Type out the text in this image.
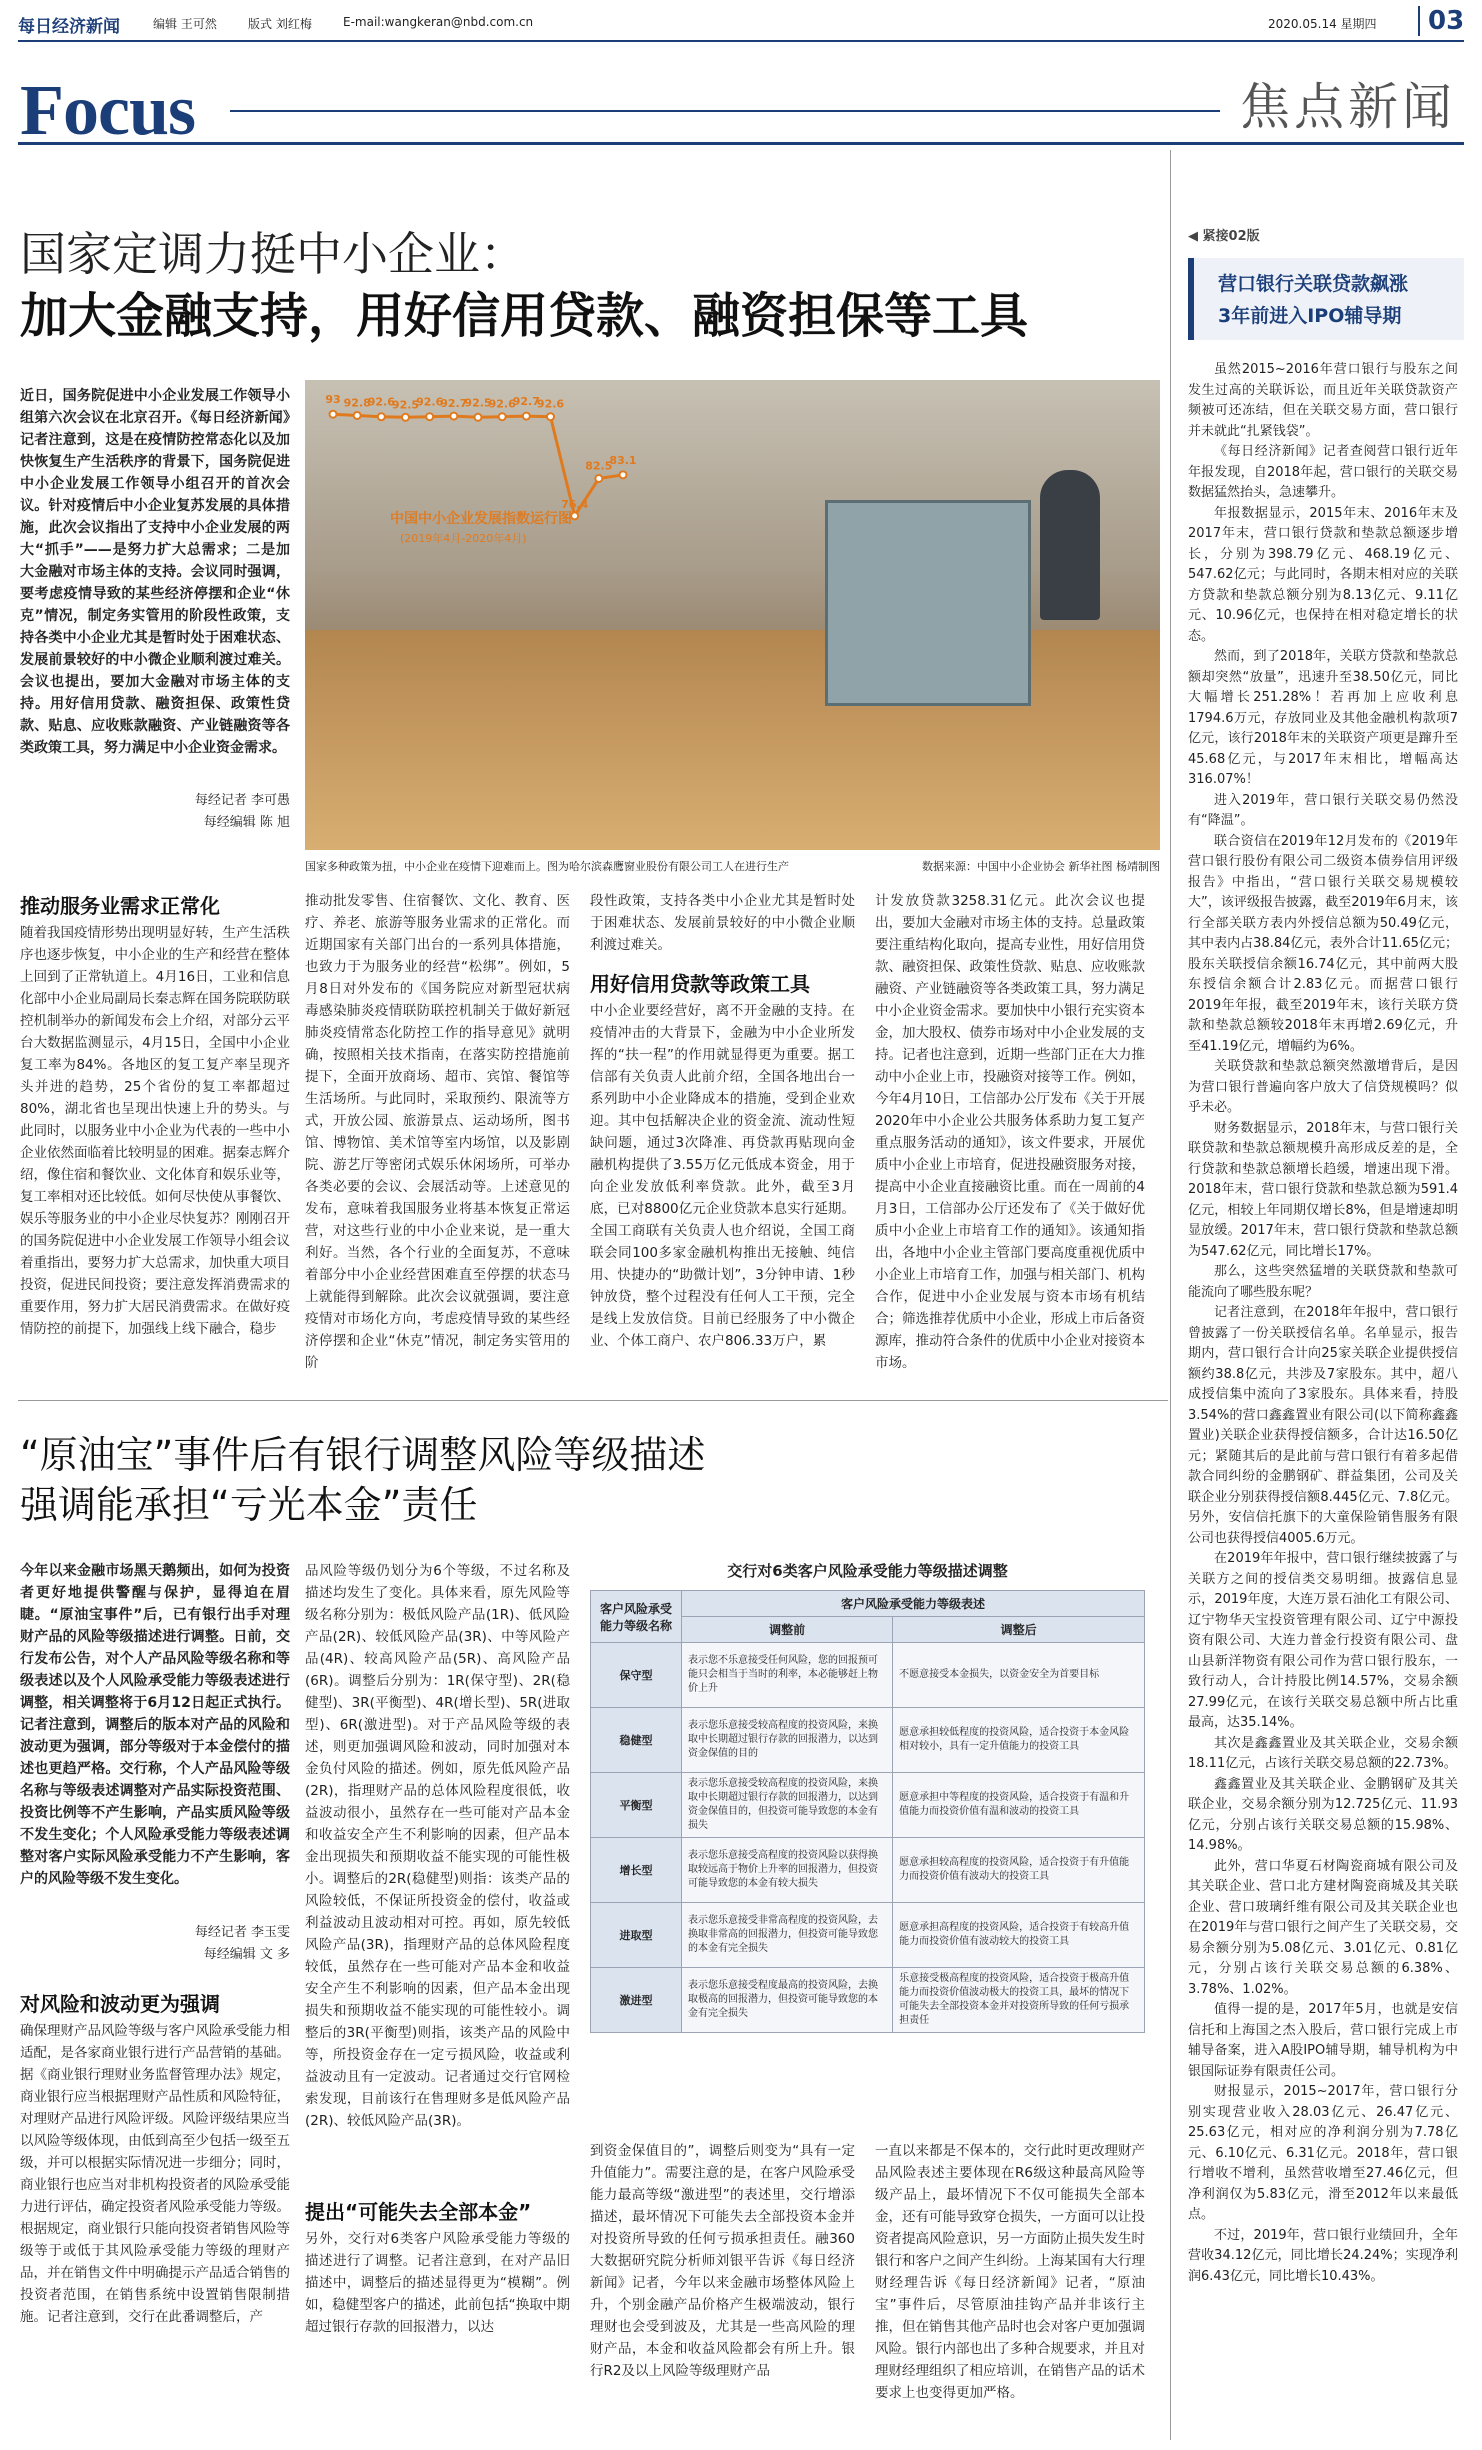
每日经济新闻	编辑 王可然	版式 刘红梅	E-mail:wangkeran@nbd.com.cn	2020.05.14 星期四	03
Focus	焦点新闻
国家定调力挺中小企业：
加大金融支持，用好信用贷款、融资担保等工具
近日，国务院促进中小企业发展工作领导小组第六次会议在北京召开。《每日经济新闻》记者注意到，这是在疫情防控常态化以及加快恢复生产生活秩序的背景下，国务院促进中小企业发展工作领导小组召开的首次会议。针对疫情后中小企业复苏发展的具体措施，此次会议指出了支持中小企业发展的两大“抓手”——是努力扩大总需求；二是加大金融对市场主体的支持。会议同时强调，要考虑疫情导致的某些经济停摆和企业“休克”情况，制定务实管用的阶段性政策，支持各类中小企业尤其是暂时处于困难状态、发展前景较好的中小微企业顺利渡过难关。会议也提出，要加大金融对市场主体的支持。用好信用贷款、融资担保、政策性贷款、贴息、应收账款融资、产业链融资等各类政策工具，努力满足中小企业资金需求。
每经记者 李可愚
每经编辑 陈 旭
93 92.8
92.6
92.5
92.6
92.7
92.5
92.6
92.7
92.6
76.4
82.5
83.1
中国中小企业发展指数运行图
(2019年4月-2020年4月)
国家多种政策为扭，中小企业在疫情下迎难而上。图为哈尔滨森鹰窗业股份有限公司工人在进行生产	数据来源：中国中小企业协会 新华社图 杨靖制图
推动服务业需求正常化
随着我国疫情形势出现明显好转，生产生活秩序也逐步恢复，中小企业的生产和经营在整体上回到了正常轨道上。4月16日，工业和信息化部中小企业局副局长秦志辉在国务院联防联控机制举办的新闻发布会上介绍，对部分云平台大数据监测显示，4月15日，全国中小企业复工率为84%。各地区的复工复产率呈现齐头并进的趋势，25个省份的复工率都超过80%，湖北省也呈现出快速上升的势头。与此同时，以服务业中小企业为代表的一些中小企业依然面临着比较明显的困难。据秦志辉介绍，像住宿和餐饮业、文化体育和娱乐业等，复工率相对还比较低。如何尽快使从事餐饮、娱乐等服务业的中小企业尽快复苏？刚刚召开的国务院促进中小企业发展工作领导小组会议着重指出，要努力扩大总需求，加快重大项目投资，促进民间投资；要注意发挥消费需求的重要作用，努力扩大居民消费需求。在做好疫情防控的前提下，加强线上线下融合，稳步
推动批发零售、住宿餐饮、文化、教育、医疗、养老、旅游等服务业需求的正常化。而近期国家有关部门出台的一系列具体措施，也致力于为服务业的经营“松绑”。例如，5月8日对外发布的《国务院应对新型冠状病毒感染肺炎疫情联防联控机制关于做好新冠肺炎疫情常态化防控工作的指导意见》就明确，按照相关技术指南，在落实防控措施前提下，全面开放商场、超市、宾馆、餐馆等生活场所。与此同时，采取预约、限流等方式，开放公园、旅游景点、运动场所，图书馆、博物馆、美术馆等室内场馆，以及影剧院、游艺厅等密闭式娱乐休闲场所，可举办各类必要的会议、会展活动等。上述意见的发布，意味着我国服务业将基本恢复正常运营，对这些行业的中小企业来说，是一重大利好。当然，各个行业的全面复苏，不意味着部分中小企业经营困难直至停摆的状态马上就能得到解除。此次会议就强调，要注意疫情对市场化方向，考虑疫情导致的某些经济停摆和企业“休克”情况，制定务实管用的阶
段性政策，支持各类中小企业尤其是暂时处于困难状态、发展前景较好的中小微企业顺利渡过难关。
用好信用贷款等政策工具
中小企业要经营好，离不开金融的支持。在疫情冲击的大背景下，金融为中小企业所发挥的“扶一程”的作用就显得更为重要。据工信部有关负责人此前介绍，全国各地出台一系列助中小企业降成本的措施，受到企业欢迎。其中包括解决企业的资金流、流动性短缺问题，通过3次降准、再贷款再贴现向金融机构提供了3.55万亿元低成本资金，用于向企业发放低利率贷款。此外，截至3月底，已对8800亿元企业贷款本息实行延期。全国工商联有关负责人也介绍说，全国工商联会同100多家金融机构推出无接触、纯信用、快捷办的“助微计划”，3分钟申请、1秒钟放贷，整个过程没有任何人工干预，完全是线上发放信贷。目前已经服务了中小微企业、个体工商户、农户806.33万户，累
计发放贷款3258.31亿元。此次会议也提出，要加大金融对市场主体的支持。总量政策要注重结构化取向，提高专业性，用好信用贷款、融资担保、政策性贷款、贴息、应收账款融资、产业链融资等各类政策工具，努力满足中小企业资金需求。要加快中小银行充实资本金，加大股权、债券市场对中小企业发展的支持。记者也注意到，近期一些部门正在大力推动中小企业上市，投融资对接等工作。例如，今年4月10日，工信部办公厅发布《关于开展2020年中小企业公共服务体系助力复工复产重点服务活动的通知》，该文件要求，开展优质中小企业上市培育，促进投融资服务对接，提高中小企业直接融资比重。而在一周前的4月3日，工信部办公厅还发布了《关于做好优质中小企业上市培育工作的通知》。该通知指出，各地中小企业主管部门要高度重视优质中小企业上市培育工作，加强与相关部门、机构合作，促进中小企业发展与资本市场有机结合；筛选推荐优质中小企业，形成上市后备资源库，推动符合条件的优质中小企业对接资本市场。
“原油宝”事件后有银行调整风险等级描述
强调能承担“亏光本金”责任
今年以来金融市场黑天鹅频出，如何为投资者更好地提供警醒与保护，显得迫在眉睫。“原油宝事件”后，已有银行出手对理财产品的风险等级描述进行调整。日前，交行发布公告，对个人产品风险等级名称和等级表述以及个人风险承受能力等级表述进行调整，相关调整将于6月12日起正式执行。记者注意到，调整后的版本对产品的风险和波动更为强调，部分等级对于本金偿付的描述也更趋严格。交行称，个人产品风险等级名称与等级表述调整对产品实际投资范围、投资比例等不产生影响，产品实质风险等级不发生变化；个人风险承受能力等级表述调整对客户实际风险承受能力不产生影响，客户的风险等级不发生变化。
每经记者 李玉雯
每经编辑 文 多
对风险和波动更为强调
确保理财产品风险等级与客户风险承受能力相适配，是各家商业银行进行产品营销的基础。据《商业银行理财业务监督管理办法》规定，商业银行应当根据理财产品性质和风险特征，对理财产品进行风险评级。风险评级结果应当以风险等级体现，由低到高至少包括一级至五级，并可以根据实际情况进一步细分；同时，商业银行也应当对非机构投资者的风险承受能力进行评估，确定投资者风险承受能力等级。根据规定，商业银行只能向投资者销售风险等级等于或低于其风险承受能力等级的理财产品，并在销售文件中明确提示产品适合销售的投资者范围，在销售系统中设置销售限制措施。记者注意到，交行在此番调整后，产
品风险等级仍划分为6个等级，不过名称及描述均发生了变化。具体来看，原先风险等级名称分别为：极低风险产品(1R)、低风险产品(2R)、较低风险产品(3R)、中等风险产品(4R)、较高风险产品(5R)、高风险产品(6R)。调整后分别为：1R(保守型)、2R(稳健型)、3R(平衡型)、4R(增长型)、5R(进取型)、6R(激进型)。对于产品风险等级的表述，则更加强调风险和波动，同时加强对本金负付风险的描述。例如，原先低风险产品(2R)，指理财产品的总体风险程度很低，收益波动很小，虽然存在一些可能对产品本金和收益安全产生不利影响的因素，但产品本金出现损失和预期收益不能实现的可能性极小。调整后的2R(稳健型)则指：该类产品的风险较低，不保证所投资金的偿付，收益或利益波动且波动相对可控。再如，原先较低风险产品(3R)，指理财产品的总体风险程度较低，虽然存在一些可能对产品本金和收益安全产生不利影响的因素，但产品本金出现损失和预期收益不能实现的可能性较小。调整后的3R(平衡型)则指，该类产品的风险中等，所投资金存在一定亏损风险，收益或利益波动且有一定波动。记者通过交行官网检索发现，目前该行在售理财多是低风险产品(2R)、较低风险产品(3R)。
提出“可能失去全部本金”
另外，交行对6类客户风险承受能力等级的描述进行了调整。记者注意到，在对产品旧描述中，调整后的描述显得更为“模糊”。例如，稳健型客户的描述，此前包括“换取中期超过银行存款的回报潜力，以达
交行对6类客户风险承受能力等级描述调整
客户风险承受能力等级名称	客户风险承受能力等级表述	
	调整前	调整后
保守型	表示您不乐意接受任何风险，您的回报预可能只会相当于当时的利率，本必能够赶上物价上升	不愿意接受本金损失，以资金安全为首要目标
稳健型	表示您乐意接受较高程度的投资风险，来换取中长期超过银行存款的回报潜力，以达到资金保值的目的	愿意承担较低程度的投资风险，适合投资于本金风险相对较小，具有一定升值能力的投资工具
平衡型	表示您乐意接受较高程度的投资风险，来换取中长期超过银行存款的回报潜力，以达到资金保值目的，但投资可能导致您的本金有损失	愿意承担中等程度的投资风险，适合投资于有温和升值能力而投资价值有温和波动的投资工具
增长型	表示您乐意接受高程度的投资风险以获得换取较远高于物价上升率的回报潜力，但投资可能导致您的本金有较大损失	愿意承担较高程度的投资风险，适合投资于有升值能力而投资价值有波动大的投资工具
进取型	表示您乐意接受非常高程度的投资风险，去换取非常高的回报潜力，但投资可能导致您的本金有完全损失	愿意承担高程度的投资风险，适合投资于有较高升值能力而投资价值有波动较大的投资工具
激进型	表示您乐意接受程度最高的投资风险，去换取极高的回报潜力，但投资可能导致您的本金有完全损失	乐意接受极高程度的投资风险，适合投资于极高升值能力而投资价值波动极大的投资工具，最坏的情况下可能失去全部投资本金并对投资所导致的任何亏损承担责任
到资金保值目的”，调整后则变为“具有一定升值能力”。需要注意的是，在客户风险承受能力最高等级“激进型”的表述里，交行增添描述，最坏情况下可能失去全部投资本金并对投资所导致的任何亏损承担责任。融360大数据研究院分析师刘银平告诉《每日经济新闻》记者，今年以来金融市场整体风险上升，个别金融产品价格产生极端波动，银行理财也会受到波及，尤其是一些高风险的理财产品，本金和收益风险都会有所上升。银行R2及以上风险等级理财产品
一直以来都是不保本的，交行此时更改理财产品风险表述主要体现在R6级这种最高风险等级产品上，最坏情况下不仅可能损失全部本金，还有可能导致穿仓损失，一方面可以让投资者提高风险意识，另一方面防止损失发生时银行和客户之间产生纠纷。上海某国有大行理财经理告诉《每日经济新闻》记者，“原油宝”事件后，尽管原油挂钩产品并非该行主推，但在销售其他产品时也会对客户更加强调风险。银行内部也出了多种合规要求，并且对理财经理组织了相应培训，在销售产品的话术要求上也变得更加严格。
◀ 紧接02版
营口银行关联贷款飙涨
3年前进入IPO辅导期

虽然2015~2016年营口银行与股东之间发生过高的关联诉讼，而且近年关联贷款资产频被可还冻结，但在关联交易方面，营口银行并未就此“扎紧钱袋”。

《每日经济新闻》记者查阅营口银行近年年报发现，自2018年起，营口银行的关联交易数据猛然抬头，急速攀升。

年报数据显示，2015年末、2016年末及2017年末，营口银行贷款和垫款总额逐步增长，分别为398.79亿元、468.19亿元、547.62亿元；与此同时，各期末相对应的关联方贷款和垫款总额分别为8.13亿元、9.11亿元、10.96亿元，也保持在相对稳定增长的状态。

然而，到了2018年，关联方贷款和垫款总额却突然“放量”，迅速升至38.50亿元，同比大幅增长251.28%！若再加上应收利息1794.6万元，存放同业及其他金融机构款项7亿元，该行2018年末的关联资产项更是蹿升至45.68亿元，与2017年末相比，增幅高达316.07%！

进入2019年，营口银行关联交易仍然没有“降温”。

联合资信在2019年12月发布的《2019年营口银行股份有限公司二级资本债券信用评级报告》中指出，“营口银行关联交易规模较大”，该评级报告披露，截至2019年6月末，该行全部关联方表内外授信总额为50.49亿元，其中表内占38.84亿元，表外合计11.65亿元；股东关联授信余额16.74亿元，其中前两大股东授信余额合计2.83亿元。而据营口银行2019年年报，截至2019年末，该行关联方贷款和垫款总额较2018年末再增2.69亿元，升至41.19亿元，增幅约为6%。

关联贷款和垫款总额突然激增背后，是因为营口银行普遍向客户放大了信贷规模吗？似乎未必。

财务数据显示，2018年末，与营口银行关联贷款和垫款总额规模升高形成反差的是，全行贷款和垫款总额增长趋缓，增速出现下滑。2018年末，营口银行贷款和垫款总额为591.4亿元，相较上年同期仅增长8%，但是增速却明显放缓。2017年末，营口银行贷款和垫款总额为547.62亿元，同比增长17%。

那么，这些突然猛增的关联贷款和垫款可能流向了哪些股东呢？

记者注意到，在2018年年报中，营口银行曾披露了一份关联授信名单。名单显示，报告期内，营口银行合计向25家关联企业提供授信额约38.8亿元，共涉及7家股东。其中，超八成授信集中流向了3家股东。具体来看，持股3.54%的营口鑫鑫置业有限公司(以下简称鑫鑫置业)关联企业获得授信额多，合计达16.50亿元；紧随其后的是此前与营口银行有着多起借款合同纠纷的金鹏钢矿、群益集团，公司及关联企业分别获得授信额8.445亿元、7.8亿元。另外，安信信托旗下的大童保险销售服务有限公司也获得授信4005.6万元。

在2019年年报中，营口银行继续披露了与关联方之间的授信类交易明细。披露信息显示，2019年度，大连万景石油化工有限公司、辽宁物华天宝投资管理有限公司、辽宁中源投资有限公司、大连力普金行投资有限公司、盘山县新洋物资有限公司作为营口银行股东，一致行动人，合计持股比例14.57%，交易余额27.99亿元，在该行关联交易总额中所占比重最高，达35.14%。

其次是鑫鑫置业及其关联企业，交易余额18.11亿元，占该行关联交易总额的22.73%。

鑫鑫置业及其关联企业、金鹏钢矿及其关联企业，交易余额分别为12.725亿元、11.93亿元，分别占该行关联交易总额的15.98%、14.98%。

此外，营口华夏石材陶瓷商城有限公司及其关联企业、营口北方建材陶瓷商城及其关联企业、营口玻璃纤维有限公司及其关联企业也在2019年与营口银行之间产生了关联交易，交易余额分别为5.08亿元、3.01亿元、0.81亿元，分别占该行关联交易总额的6.38%、3.78%、1.02%。

值得一提的是，2017年5月，也就是安信信托和上海国之杰入股后，营口银行完成上市辅导备案，进入A股IPO辅导期，辅导机构为中银国际证券有限责任公司。

财报显示，2015~2017年，营口银行分别实现营业收入28.03亿元、26.47亿元、25.63亿元，相对应的净利润分别为7.78亿元、6.10亿元、6.31亿元。2018年，营口银行增收不增利，虽然营收增至27.46亿元，但净利润仅为5.83亿元，滑至2012年以来最低点。

不过，2019年，营口银行业绩回升，全年营收34.12亿元，同比增长24.24%；实现净利润6.43亿元，同比增长10.43%。
